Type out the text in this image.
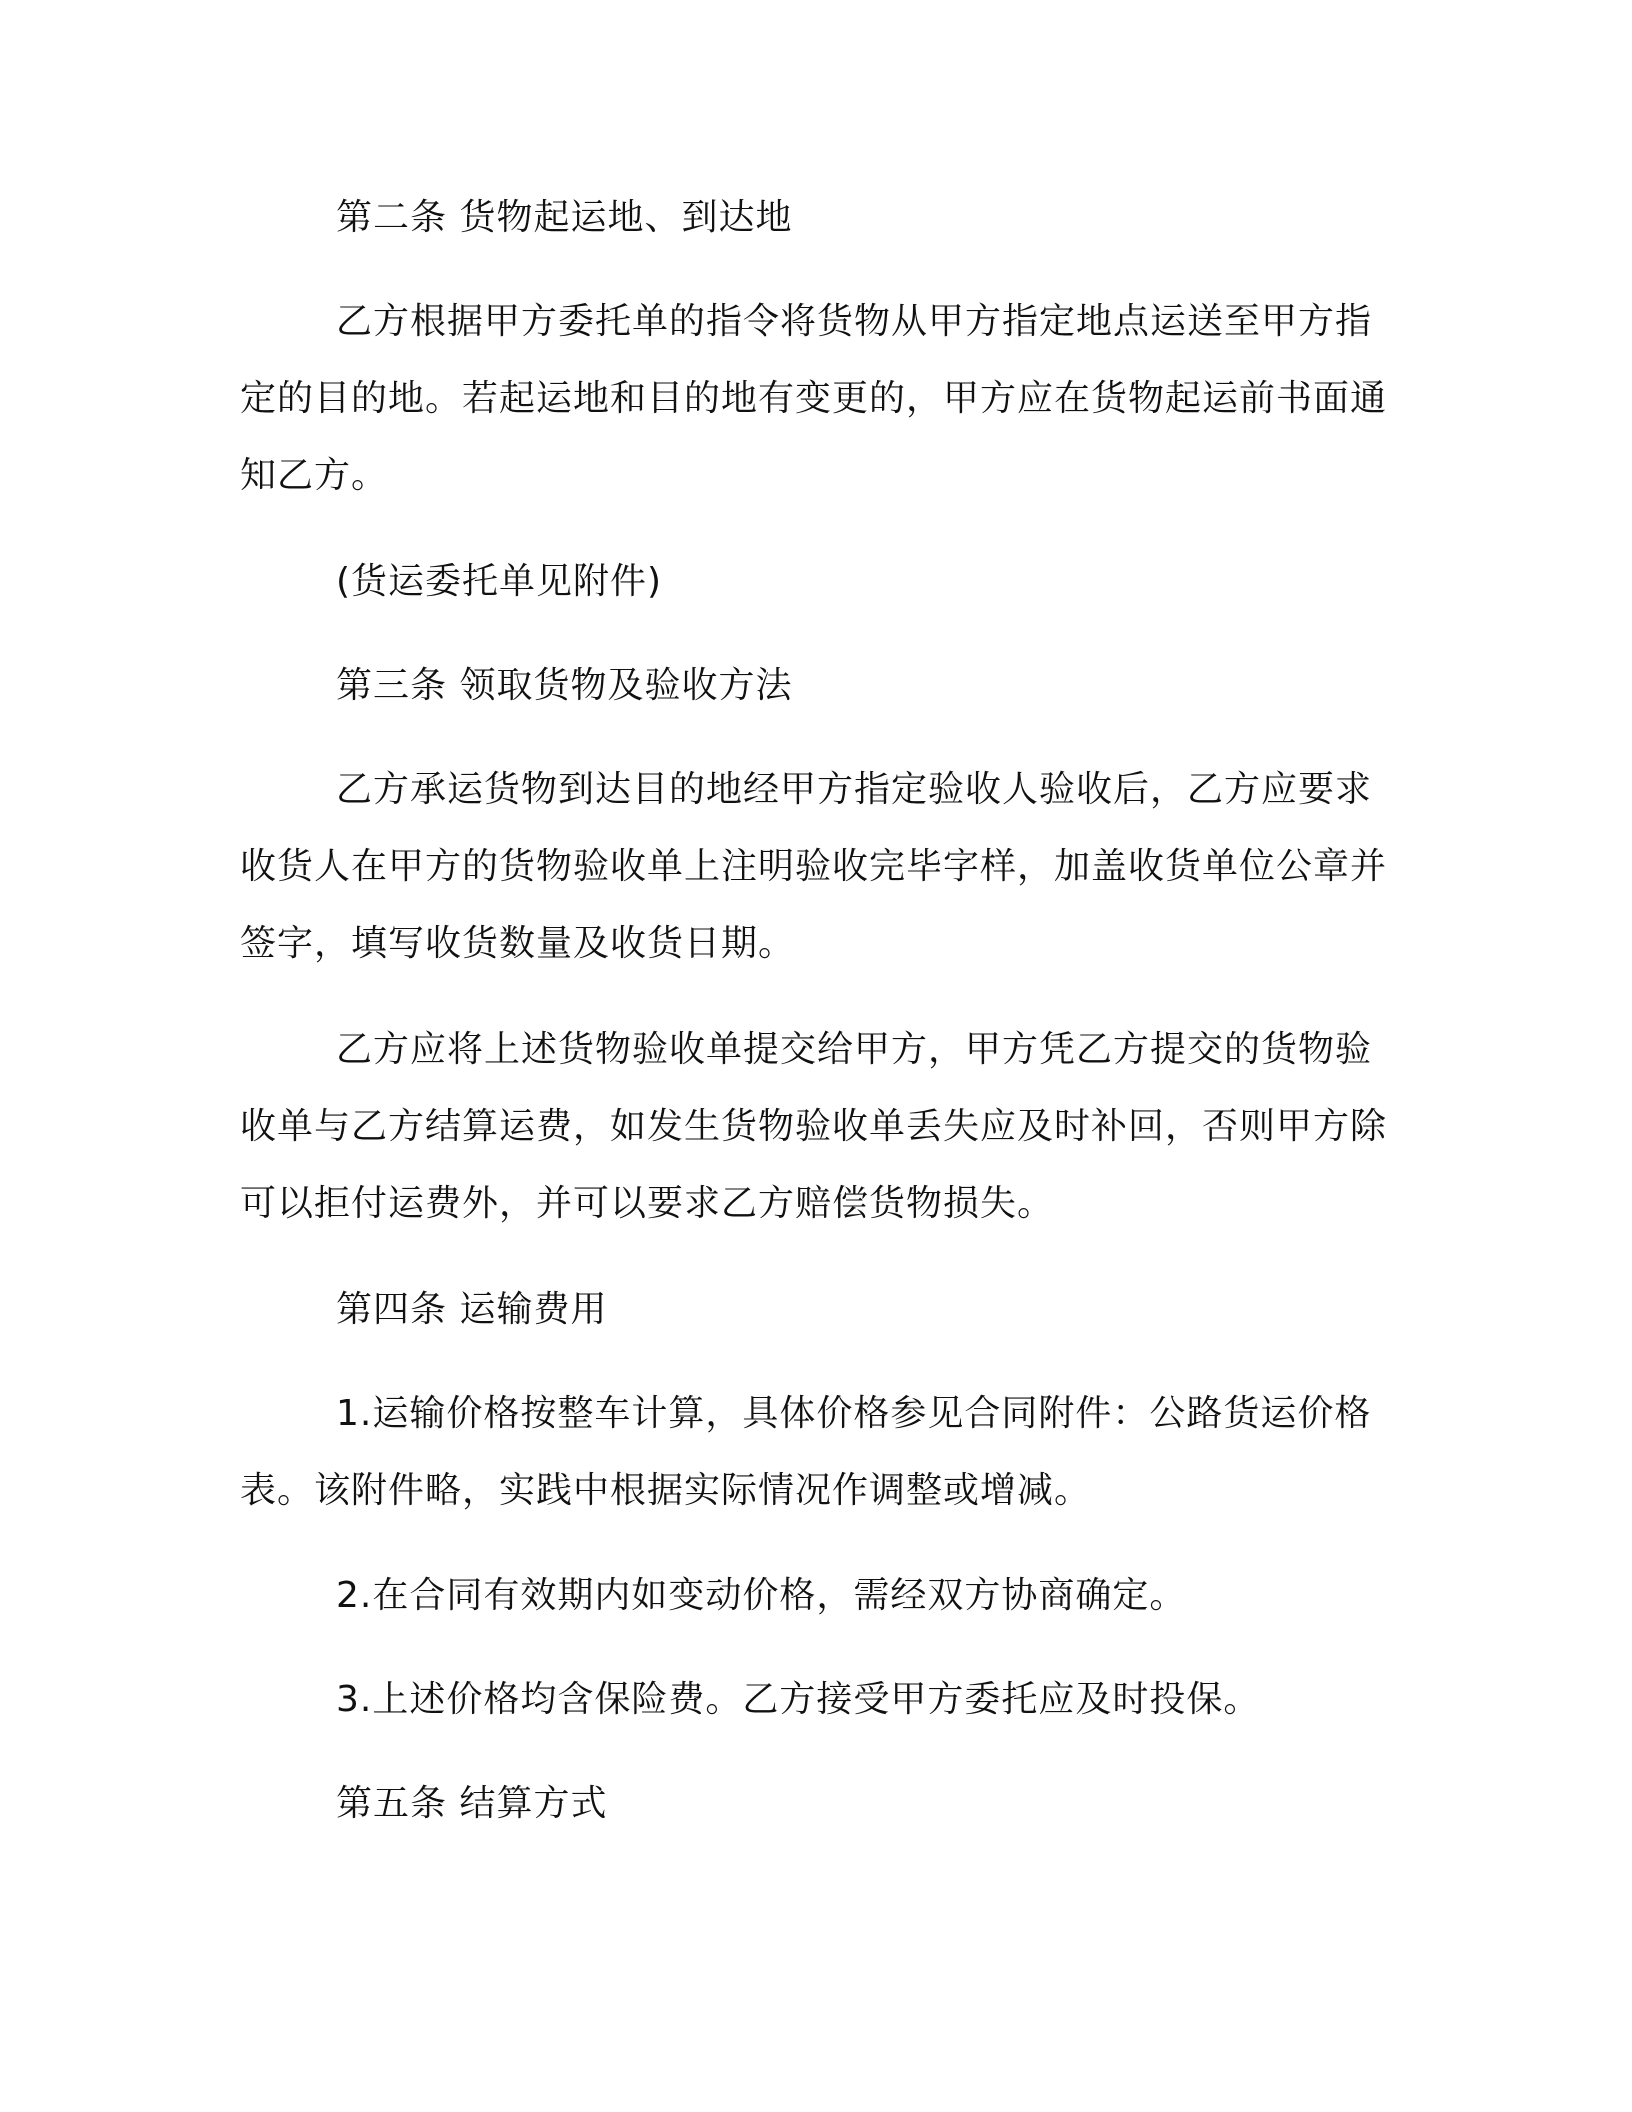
第二条 货物起运地、到达地

乙方根据甲方委托单的指令将货物从甲方指定地点运送至甲方指定的目的地。若起运地和目的地有变更的，甲方应在货物起运前书面通知乙方。

(货运委托单见附件)

第三条 领取货物及验收方法

乙方承运货物到达目的地经甲方指定验收人验收后，乙方应要求收货人在甲方的货物验收单上注明验收完毕字样，加盖收货单位公章并签字，填写收货数量及收货日期。

乙方应将上述货物验收单提交给甲方，甲方凭乙方提交的货物验收单与乙方结算运费，如发生货物验收单丢失应及时补回，否则甲方除可以拒付运费外，并可以要求乙方赔偿货物损失。

第四条 运输费用

1.运输价格按整车计算，具体价格参见合同附件：公路货运价格表。该附件略，实践中根据实际情况作调整或增减。

2.在合同有效期内如变动价格，需经双方协商确定。

3.上述价格均含保险费。乙方接受甲方委托应及时投保。

第五条 结算方式
